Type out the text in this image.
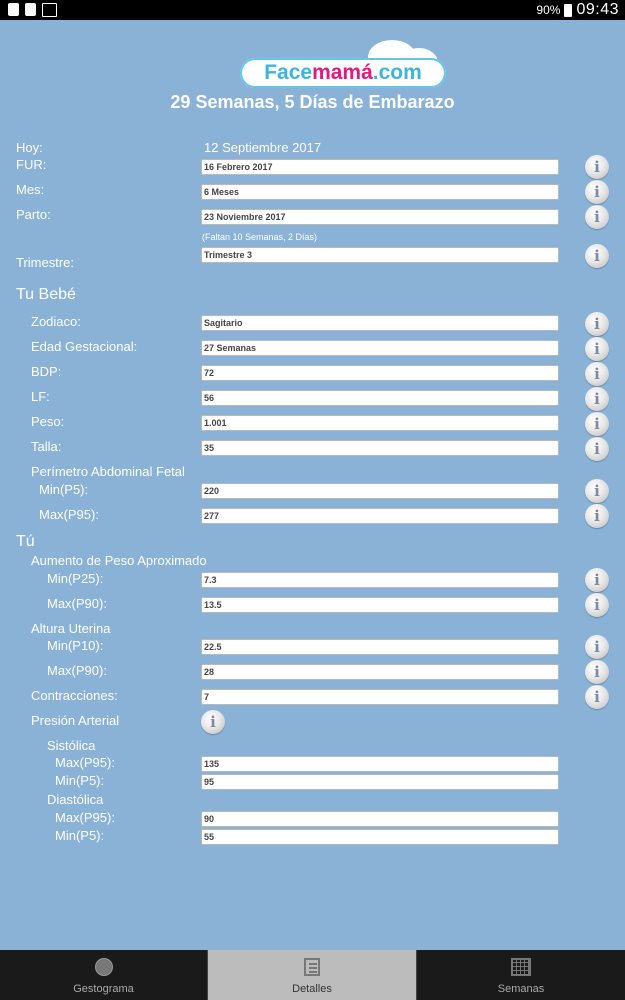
90% 09:43
Face mamá .com
29 Semanas, 5 Días de Embarazo
Hoy:	12 Septiembre 2017
FUR:	16 Febrero 2017	i
Mes:	6 Meses	i
Parto:	23 Noviembre 2017	i
(Faltan 10 Semanas, 2 Días)
Trimestre:	Trimestre 3	i
Tu Bebé
Zodiaco:	Sagitario	i
Edad Gestacional:	27 Semanas	i
BDP:	72	i
LF:	56	i
Peso:	1.001	i
Talla:	35	i
Perímetro Abdominal Fetal
Min(P5):	220	i
Max(P95):	277	i
Tú
Aumento de Peso Aproximado
Min(P25):	7.3	i
Max(P90):	13.5	i
Altura Uterina
Min(P10):	22.5	i
Max(P90):	28	i
Contracciones:	7	i
Presión Arterial	i
Sistólica
Max(P95):	135
Min(P5):	95
Diastólica
Max(P95):	90
Min(P5):	55
Gestograma	Detalles	Semanas
